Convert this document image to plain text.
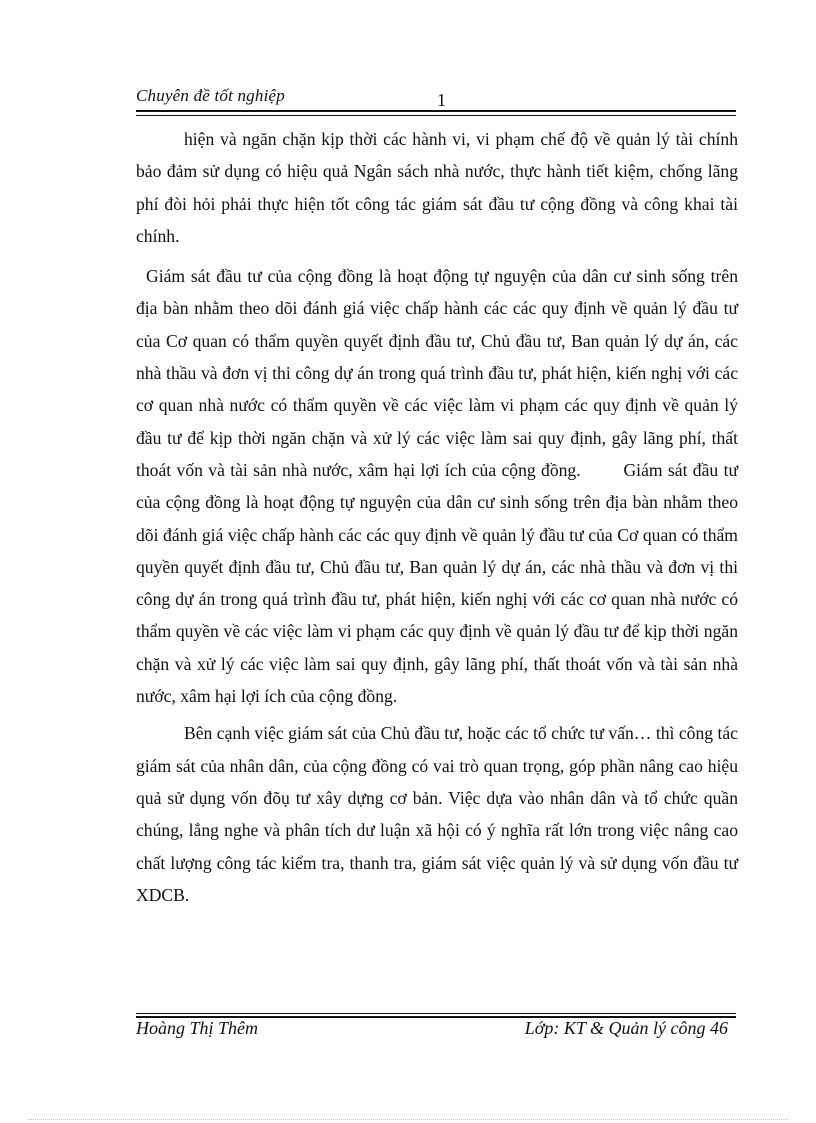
Chuyên đề tốt nghiệp	1

hiện và ngăn chặn kịp thời các hành vi, vi phạm chế độ về quản lý tài chính bảo đảm sử dụng có hiệu quả Ngân sách nhà nước, thực hành tiết kiệm, chống lãng phí đòi hỏi phải thực hiện tốt công tác giám sát đầu tư cộng đồng và công khai tài chính.

Giám sát đầu tư của cộng đồng là hoạt động tự nguyện của dân cư sinh sống trên địa bàn nhằm theo dõi đánh giá việc chấp hành các các quy định về quản lý đầu tư của Cơ quan có thẩm quyền quyết định đầu tư, Chủ đầu tư, Ban quản lý dự án, các nhà thầu và đơn vị thi công dự án trong quá trình đầu tư, phát hiện, kiến nghị với các cơ quan nhà nước có thẩm quyền về các việc làm vi phạm các quy định về quản lý đầu tư để kịp thời ngăn chặn và xử lý các việc làm sai quy định, gây lãng phí, thất thoát vốn và tài sản nhà nước, xâm hại lợi ích của cộng đồng.        Giám sát đầu tư của cộng đồng là hoạt động tự nguyện của dân cư sinh sống trên địa bàn nhằm theo dõi đánh giá việc chấp hành các các quy định về quản lý đầu tư của Cơ quan có thẩm quyền quyết định đầu tư, Chủ đầu tư, Ban quản lý dự án, các nhà thầu và đơn vị thi công dự án trong quá trình đầu tư, phát hiện, kiến nghị với các cơ quan nhà nước có thẩm quyền về các việc làm vi phạm các quy định về quản lý đầu tư để kịp thời ngăn chặn và xử lý các việc làm sai quy định, gây lãng phí, thất thoát vốn và tài sản nhà nước, xâm hại lợi ích của cộng đồng.

Bên cạnh việc giám sát của Chủ đầu tư, hoặc các tổ chức tư vấn… thì công tác giám sát của nhân dân, của cộng đồng có vai trò quan trọng, góp phần nâng cao hiệu quả sử dụng vốn đõụ tư xây dựng cơ bản. Việc dựa vào nhân dân và tổ chức quần chúng, lắng nghe và phân tích dư luận xã hội có ý nghĩa rất lớn trong việc nâng cao chất lượng công tác kiểm tra, thanh tra, giám sát việc quản lý và sử dụng vốn đầu tư XDCB.

Hoàng Thị Thêm	Lớp: KT & Quản lý công 46
